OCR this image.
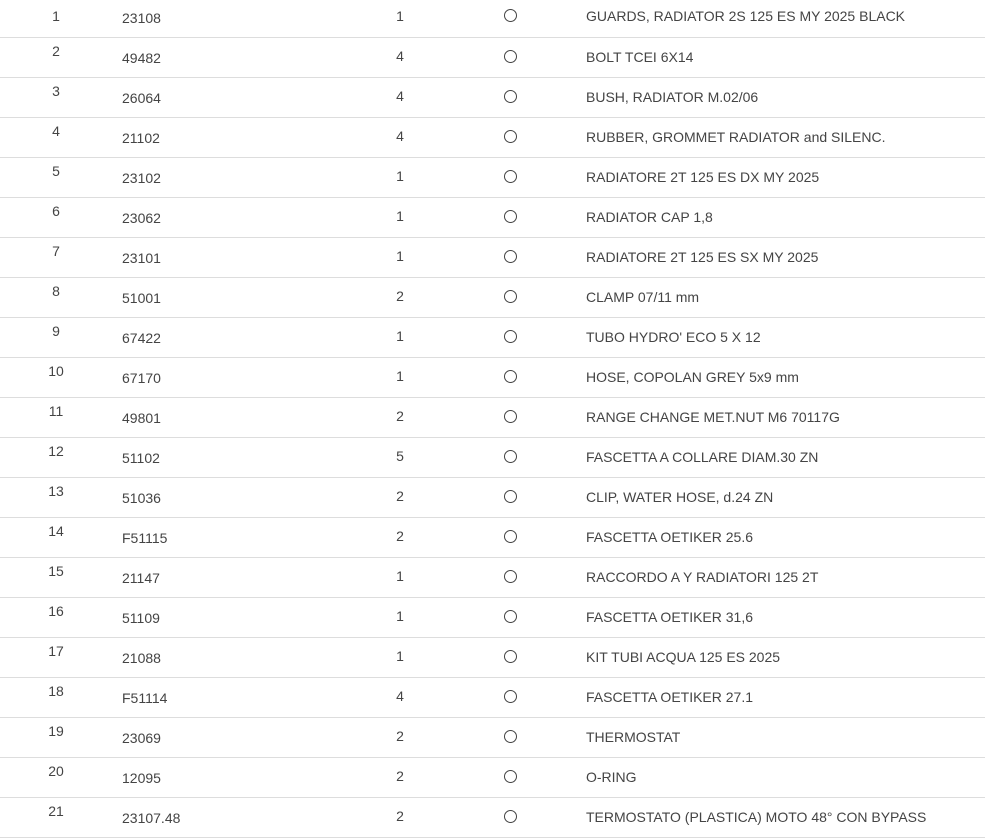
1	23108	1		GUARDS, RADIATOR 2S 125 ES MY 2025 BLACK
2	49482	4		BOLT TCEI 6X14
3	26064	4		BUSH, RADIATOR M.02/06
4	21102	4		RUBBER, GROMMET RADIATOR and SILENC.
5	23102	1		RADIATORE 2T 125 ES DX MY 2025
6	23062	1		RADIATOR CAP 1,8
7	23101	1		RADIATORE 2T 125 ES SX MY 2025
8	51001	2		CLAMP 07/11 mm
9	67422	1		TUBO HYDRO' ECO 5 X 12
10	67170	1		HOSE, COPOLAN GREY 5x9 mm
11	49801	2		RANGE CHANGE MET.NUT M6 70117G
12	51102	5		FASCETTA A COLLARE DIAM.30 ZN
13	51036	2		CLIP, WATER HOSE, d.24 ZN
14	F51115	2		FASCETTA OETIKER 25.6
15	21147	1		RACCORDO A Y RADIATORI 125 2T
16	51109	1		FASCETTA OETIKER 31,6
17	21088	1		KIT TUBI ACQUA 125 ES 2025
18	F51114	4		FASCETTA OETIKER 27.1
19	23069	2		THERMOSTAT
20	12095	2		O-RING
21	23107.48	2		TERMOSTATO (PLASTICA) MOTO 48° CON BYPASS
